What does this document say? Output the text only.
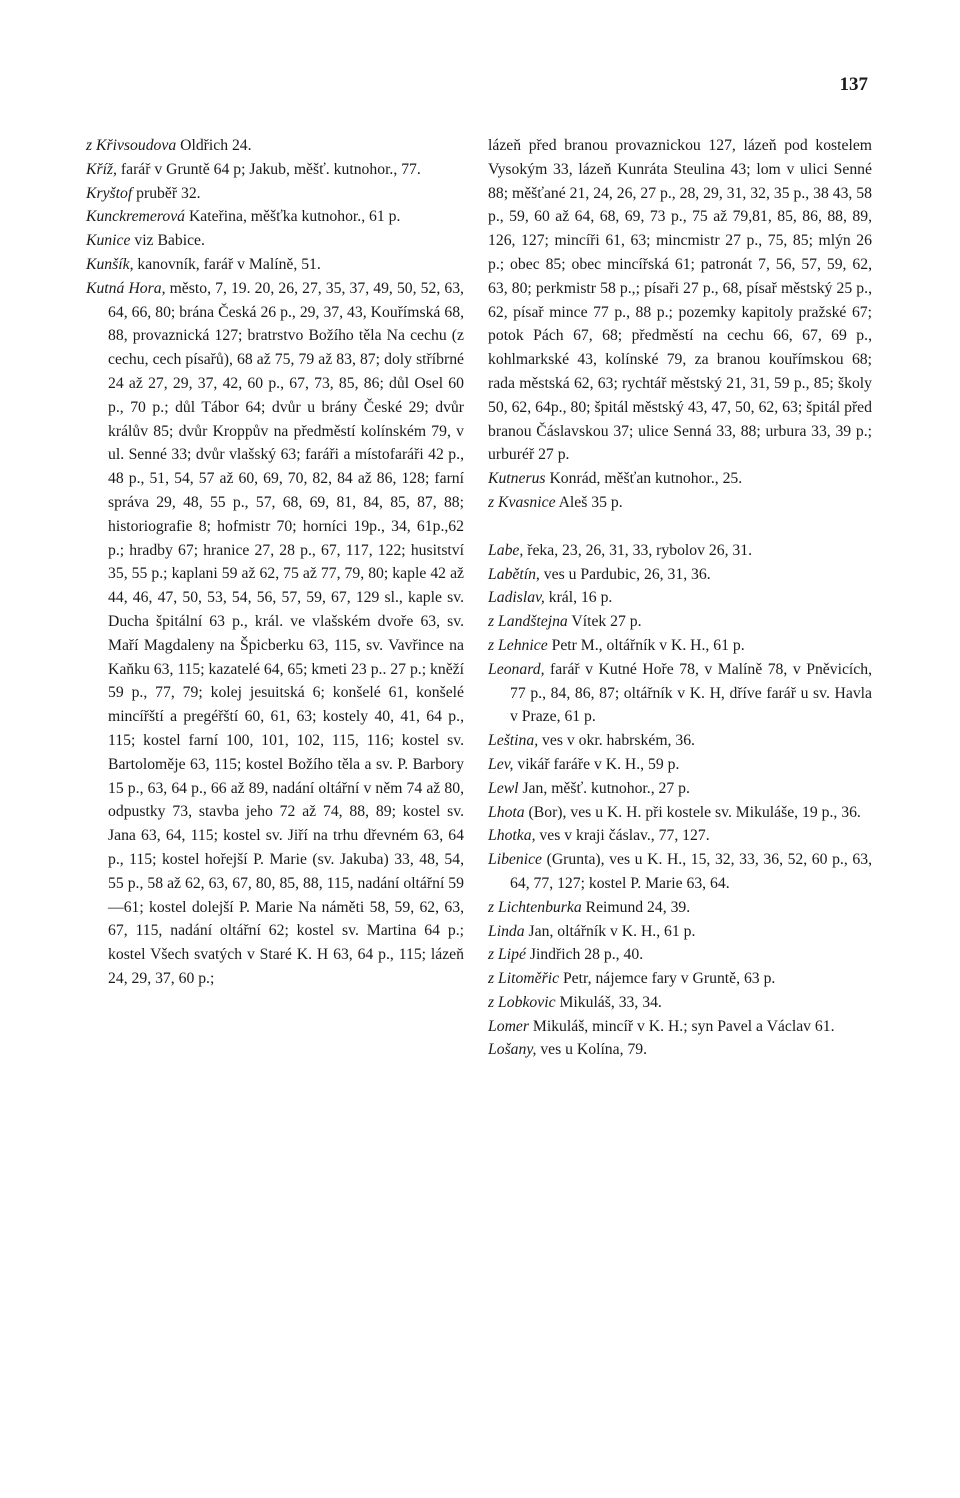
137

z Křivsoudova Oldřich 24.

Kříž, farář v Gruntě 64 p; Jakub, měšť. kutnohor., 77.

Kryštof pruběř 32.

Kunckremerová Kateřina, měšťka kutnohor., 61 p.

Kunice viz Babice.

Kunšík, kanovník, farář v Malíně, 51.

Kutná Hora, město, 7, 19. 20, 26, 27, 35, 37, 49, 50, 52, 63, 64, 66, 80; brána Česká 26 p., 29, 37, 43, Kouřímská 68, 88, provaznická 127; bratrstvo Božího těla Na cechu (z cechu, cech písařů), 68 až 75, 79 až 83, 87; doly stříbrné 24 až 27, 29, 37, 42, 60 p., 67, 73, 85, 86; důl Osel 60 p., 70 p.; důl Tábor 64; dvůr u brány České 29; dvůr králův 85; dvůr Kroppův na předměstí kolínském 79, v ul. Senné 33; dvůr vlašský 63; faráři a místofaráři 42 p., 48 p., 51, 54, 57 až 60, 69, 70, 82, 84 až 86, 128; farní správa 29, 48, 55 p., 57, 68, 69, 81, 84, 85, 87, 88; historiografie 8; hofmistr 70; horníci 19p., 34, 61p.,62 p.; hradby 67; hranice 27, 28 p., 67, 117, 122; husitství 35, 55 p.; kaplani 59 až 62, 75 až 77, 79, 80; kaple 42 až 44, 46, 47, 50, 53, 54, 56, 57, 59, 67, 129 sl., kaple sv. Ducha špitální 63 p., král. ve vlašském dvoře 63, sv. Maří Magdaleny na Špicberku 63, 115, sv. Vavřince na Kaňku 63, 115; kazatelé 64, 65; kmeti 23 p.. 27 p.; kněží 59 p., 77, 79; kolej jesuitská 6; konšelé 61, konšelé mincířští a pregéřští 60, 61, 63; kostely 40, 41, 64 p., 115; kostel farní 100, 101, 102, 115, 116; kostel sv. Bartoloměje 63, 115; kostel Božího těla a sv. P. Barbory 15 p., 63, 64 p., 66 až 89, nadání oltářní v něm 74 až 80, odpustky 73, stavba jeho 72 až 74, 88, 89; kostel sv. Jana 63, 64, 115; kostel sv. Jiří na trhu dřevném 63, 64 p., 115; kostel hořejší P. Marie (sv. Jakuba) 33, 48, 54, 55 p., 58 až 62, 63, 67, 80, 85, 88, 115, nadání oltářní 59—61; kostel dolejší P. Marie Na náměti 58, 59, 62, 63, 67, 115, nadání oltářní 62; kostel sv. Martina 64 p.; kostel Všech svatých v Staré K. H 63, 64 p., 115; lázeň 24, 29, 37, 60 p.;

lázeň před branou provaznickou 127, lázeň pod kostelem Vysokým 33, lázeň Kunráta Steulina 43; lom v ulici Senné 88; měšťané 21, 24, 26, 27 p., 28, 29, 31, 32, 35 p., 38 43, 58 p., 59, 60 až 64, 68, 69, 73 p., 75 až 79,81, 85, 86, 88, 89, 126, 127; mincíři 61, 63; mincmistr 27 p., 75, 85; mlýn 26 p.; obec 85; obec mincířská 61; patronát 7, 56, 57, 59, 62, 63, 80; perkmistr 58 p.,; písaři 27 p., 68, písař městský 25 p., 62, písař mince 77 p., 88 p.; pozemky kapitoly pražské 67; potok Pách 67, 68; předměstí na cechu 66, 67, 69 p., kohlmarkské 43, kolínské 79, za branou kouřímskou 68; rada městská 62, 63; rychtář městský 21, 31, 59 p., 85; školy 50, 62, 64p., 80; špitál městský 43, 47, 50, 62, 63; špitál před branou Čáslavskou 37; ulice Senná 33, 88; urbura 33, 39 p.; urburéř 27 p.

Kutnerus Konrád, měšťan kutnohor., 25.

z Kvasnice Aleš 35 p.

Labe, řeka, 23, 26, 31, 33, rybolov 26, 31.

Labětín, ves u Pardubic, 26, 31, 36.

Ladislav, král, 16 p.

z Landštejna Vítek 27 p.

z Lehnice Petr M., oltářník v K. H., 61 p.

Leonard, farář v Kutné Hoře 78, v Malíně 78, v Pněvicích, 77 p., 84, 86, 87; oltářník v K. H, dříve farář u sv. Havla v Praze, 61 p.

Leština, ves v okr. habrském, 36.

Lev, vikář faráře v K. H., 59 p.

Lewl Jan, měšť. kutnohor., 27 p.

Lhota (Bor), ves u K. H. při kostele sv. Mikuláše, 19 p., 36.

Lhotka, ves v kraji čáslav., 77, 127.

Libenice (Grunta), ves u K. H., 15, 32, 33, 36, 52, 60 p., 63, 64, 77, 127; kostel P. Marie 63, 64.

z Lichtenburka Reimund 24, 39.

Linda Jan, oltářník v K. H., 61 p.

z Lipé Jindřich 28 p., 40.

z Litoměřic Petr, nájemce fary v Gruntě, 63 p.

z Lobkovic Mikuláš, 33, 34.

Lomer Mikuláš, mincíř v K. H.; syn Pavel a Václav 61.

Lošany, ves u Kolína, 79.
